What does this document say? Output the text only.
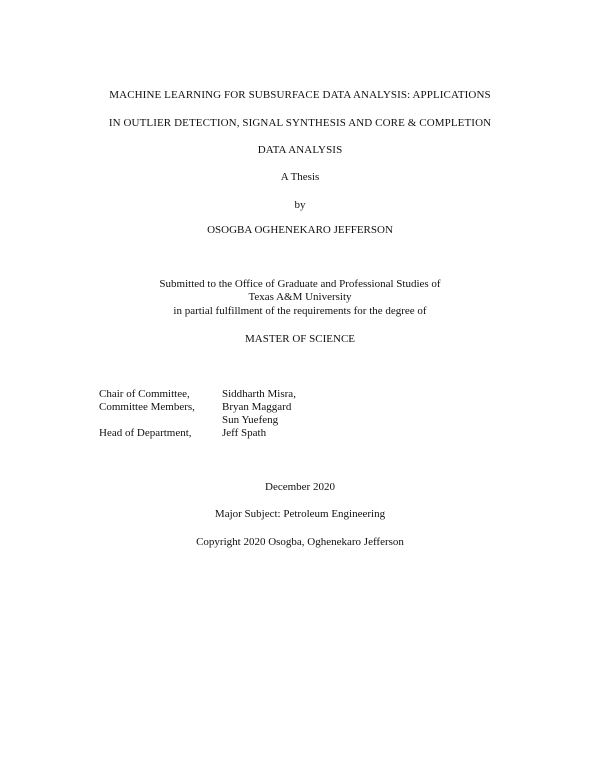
MACHINE LEARNING FOR SUBSURFACE DATA ANALYSIS: APPLICATIONS
IN OUTLIER DETECTION, SIGNAL SYNTHESIS AND CORE & COMPLETION
DATA ANALYSIS
A Thesis
by
OSOGBA OGHENEKARO JEFFERSON
Submitted to the Office of Graduate and Professional Studies of
Texas A&M University
in partial fulfillment of the requirements for the degree of
MASTER OF SCIENCE
Chair of Committee,	Siddharth Misra,
Committee Members,	Bryan Maggard
Sun Yuefeng
Head of Department,	Jeff Spath
December 2020
Major Subject: Petroleum Engineering
Copyright 2020 Osogba, Oghenekaro Jefferson
